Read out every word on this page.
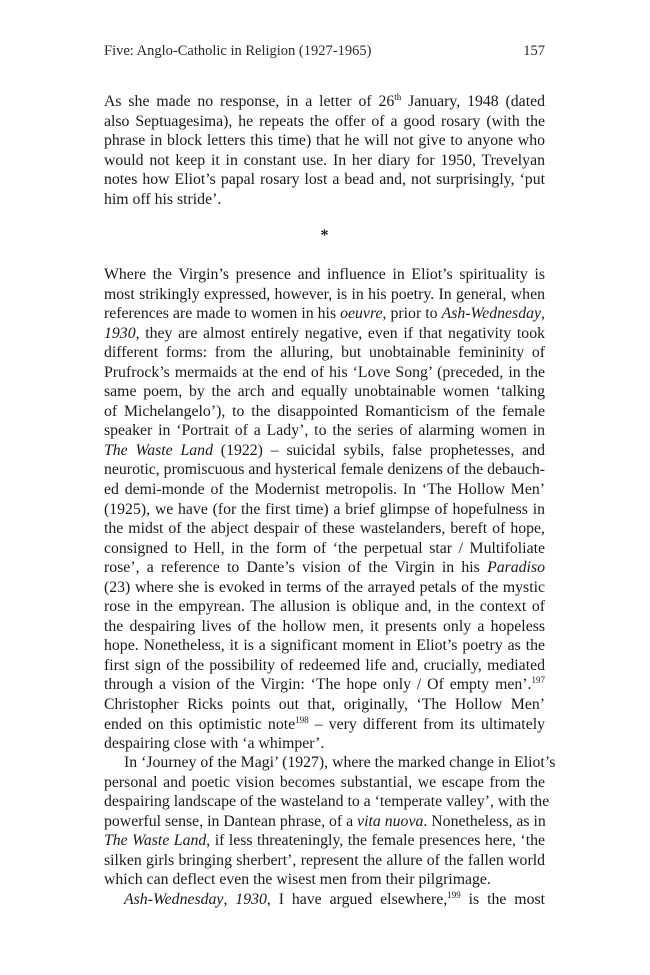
Five: Anglo-Catholic in Religion (1927-1965)	157
As she made no response, in a letter of 26th January, 1948 (dated
also Septuagesima), he repeats the offer of a good rosary (with the
phrase in block letters this time) that he will not give to anyone who
would not keep it in constant use. In her diary for 1950, Trevelyan
notes how Eliot’s papal rosary lost a bead and, not surprisingly, ‘put
him off his stride’.
*
Where the Virgin’s presence and influence in Eliot’s spirituality is
most strikingly expressed, however, is in his poetry. In general, when
references are made to women in his oeuvre, prior to Ash-Wednesday,
1930, they are almost entirely negative, even if that negativity took
different forms: from the alluring, but unobtainable femininity of
Prufrock’s mermaids at the end of his ‘Love Song’ (preceded, in the
same poem, by the arch and equally unobtainable women ‘talking
of Michelangelo’), to the disappointed Romanticism of the female
speaker in ‘Portrait of a Lady’, to the series of alarming women in
The Waste Land (1922) – suicidal sybils, false prophetesses, and
neurotic, promiscuous and hysterical female denizens of the debauch-
ed demi-monde of the Modernist metropolis. In ‘The Hollow Men’
(1925), we have (for the first time) a brief glimpse of hopefulness in
the midst of the abject despair of these wastelanders, bereft of hope,
consigned to Hell, in the form of ‘the perpetual star / Multifoliate
rose’, a reference to Dante’s vision of the Virgin in his Paradiso
(23) where she is evoked in terms of the arrayed petals of the mystic
rose in the empyrean. The allusion is oblique and, in the context of
the despairing lives of the hollow men, it presents only a hopeless
hope. Nonetheless, it is a significant moment in Eliot’s poetry as the
first sign of the possibility of redeemed life and, crucially, mediated
through a vision of the Virgin: ‘The hope only / Of empty men’.$^{197}$
Christopher Ricks points out that, originally, ‘The Hollow Men’
ended on this optimistic note$^{198}$ – very different from its ultimately
despairing close with ‘a whimper’.
In ‘Journey of the Magi’ (1927), where the marked change in Eliot’s
personal and poetic vision becomes substantial, we escape from the
despairing landscape of the wasteland to a ‘temperate valley’, with the
powerful sense, in Dantean phrase, of a vita nuova. Nonetheless, as in
The Waste Land, if less threateningly, the female presences here, ‘the
silken girls bringing sherbert’, represent the allure of the fallen world
which can deflect even the wisest men from their pilgrimage.
Ash-Wednesday, 1930, I have argued elsewhere,$^{199}$ is the most
